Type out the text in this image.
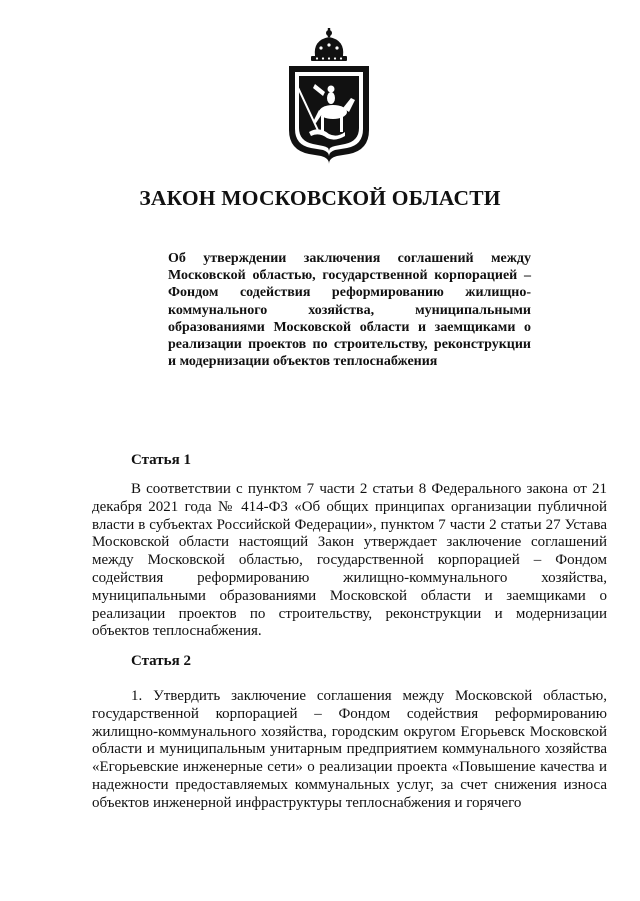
ЗАКОН МОСКОВСКОЙ ОБЛАСТИ
Об утверждении заключения соглашений между Московской областью, государственной корпорацией – Фондом содействия реформированию жилищно-коммунального хозяйства, муниципальными образованиями Московской области и заемщиками о реализации проектов по строительству, реконструкции и модернизации объектов теплоснабжения
Статья 1
В соответствии с пунктом 7 части 2 статьи 8 Федерального закона от 21 декабря 2021 года № 414-ФЗ «Об общих принципах организации публичной власти в субъектах Российской Федерации», пунктом 7 части 2 статьи 27 Устава Московской области настоящий Закон утверждает заключение соглашений между Московской областью, государственной корпорацией – Фондом содействия реформированию жилищно-коммунального хозяйства, муниципальными образованиями Московской области и заемщиками о реализации проектов по строительству, реконструкции и модернизации объектов теплоснабжения.
Статья 2
1. Утвердить заключение соглашения между Московской областью, государственной корпорацией – Фондом содействия реформированию жилищно-коммунального хозяйства, городским округом Егорьевск Московской области и муниципальным унитарным предприятием коммунального хозяйства «Егорьевские инженерные сети» о реализации проекта «Повышение качества и надежности предоставляемых коммунальных услуг, за счет снижения износа объектов инженерной инфраструктуры теплоснабжения и горячего
